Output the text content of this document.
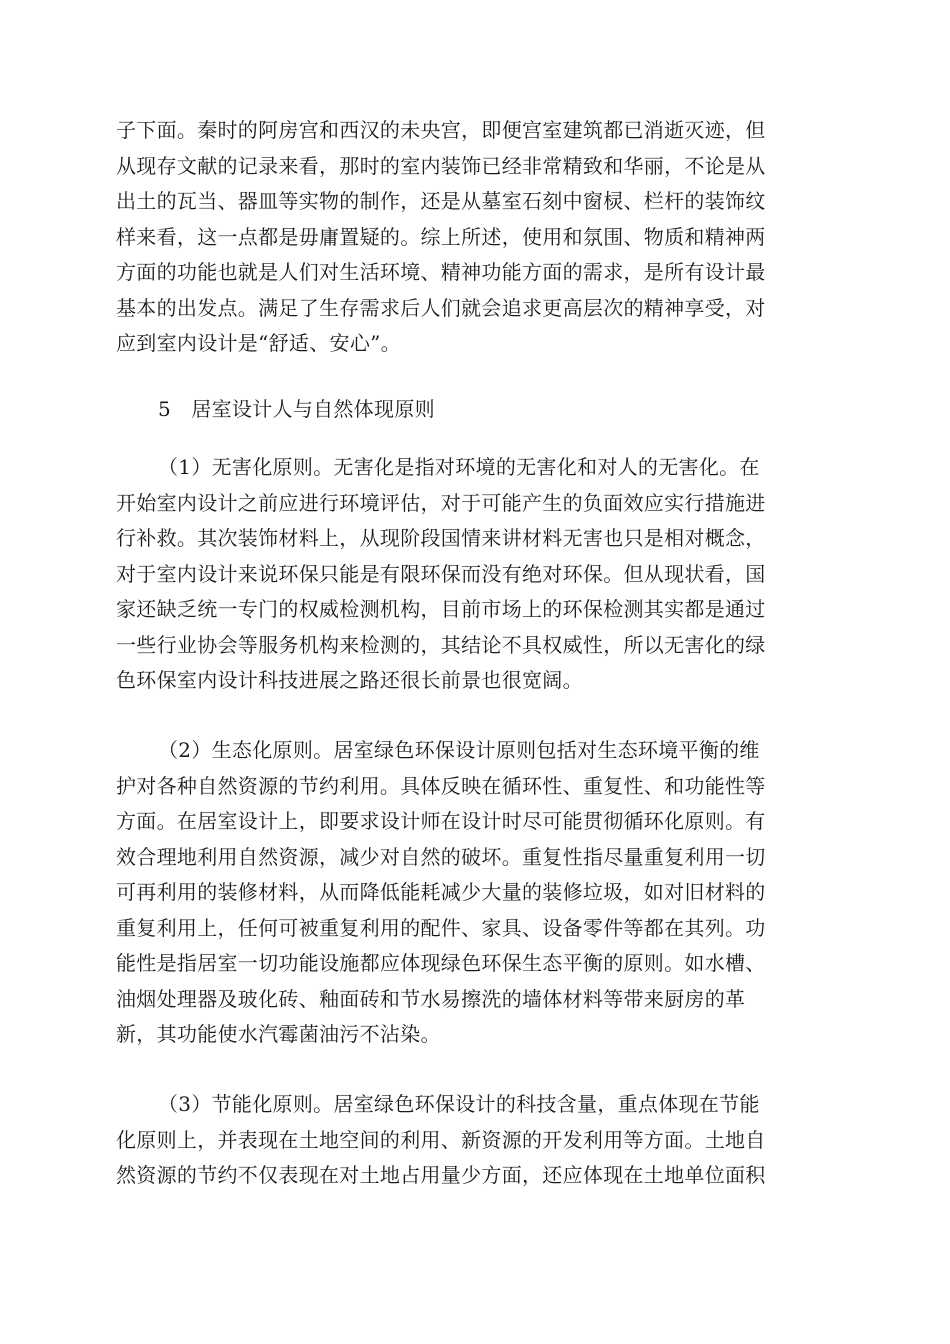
子下面。秦时的阿房宫和西汉的未央宫，即便宫室建筑都已消逝灭迹，但
从现存文献的记录来看，那时的室内装饰已经非常精致和华丽，不论是从
出土的瓦当、器皿等实物的制作，还是从墓室石刻中窗棂、栏杆的装饰纹
样来看，这一点都是毋庸置疑的。综上所述，使用和氛围、物质和精神两
方面的功能也就是人们对生活环境、精神功能方面的需求，是所有设计最
基本的出发点。满足了生存需求后人们就会追求更高层次的精神享受，对
应到室内设计是“舒适、安心”。
5　居室设计人与自然体现原则
（1）无害化原则。无害化是指对环境的无害化和对人的无害化。在
开始室内设计之前应进行环境评估，对于可能产生的负面效应实行措施进
行补救。其次装饰材料上，从现阶段国情来讲材料无害也只是相对概念，
对于室内设计来说环保只能是有限环保而没有绝对环保。但从现状看，国
家还缺乏统一专门的权威检测机构，目前市场上的环保检测其实都是通过
一些行业协会等服务机构来检测的，其结论不具权威性，所以无害化的绿
色环保室内设计科技进展之路还很长前景也很宽阔。
（2）生态化原则。居室绿色环保设计原则包括对生态环境平衡的维
护对各种自然资源的节约利用。具体反映在循环性、重复性、和功能性等
方面。在居室设计上，即要求设计师在设计时尽可能贯彻循环化原则。有
效合理地利用自然资源，减少对自然的破坏。重复性指尽量重复利用一切
可再利用的装修材料，从而降低能耗减少大量的装修垃圾，如对旧材料的
重复利用上，任何可被重复利用的配件、家具、设备零件等都在其列。功
能性是指居室一切功能设施都应体现绿色环保生态平衡的原则。如水槽、
油烟处理器及玻化砖、釉面砖和节水易擦洗的墙体材料等带来厨房的革
新，其功能使水汽霉菌油污不沾染。
（3）节能化原则。居室绿色环保设计的科技含量，重点体现在节能
化原则上，并表现在土地空间的利用、新资源的开发利用等方面。土地自
然资源的节约不仅表现在对土地占用量少方面，还应体现在土地单位面积
